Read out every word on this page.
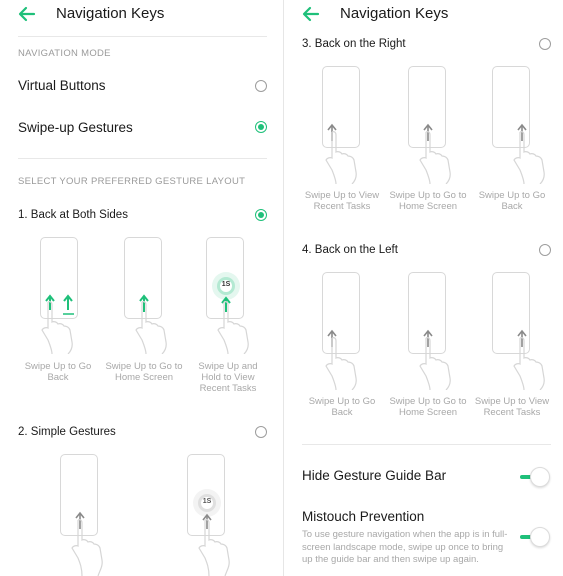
Navigation Keys
NAVIGATION MODE
Virtual Buttons
Swipe-up Gestures
SELECT YOUR PREFERRED GESTURE LAYOUT
1. Back at Both Sides
1S
Swipe Up to Go
Back
Swipe Up to Go to
Home Screen
Swipe Up and
Hold to View
Recent Tasks
2. Simple Gestures
1S
Navigation Keys
3. Back on the Right
Swipe Up to View
Recent Tasks
Swipe Up to Go to
Home Screen
Swipe Up to Go
Back
4. Back on the Left
Swipe Up to Go
Back
Swipe Up to Go to
Home Screen
Swipe Up to View
Recent Tasks
Hide Gesture Guide Bar
Mistouch Prevention
To use gesture navigation when the app is in full-screen landscape mode, swipe up once to bring up the guide bar and then swipe up again.
